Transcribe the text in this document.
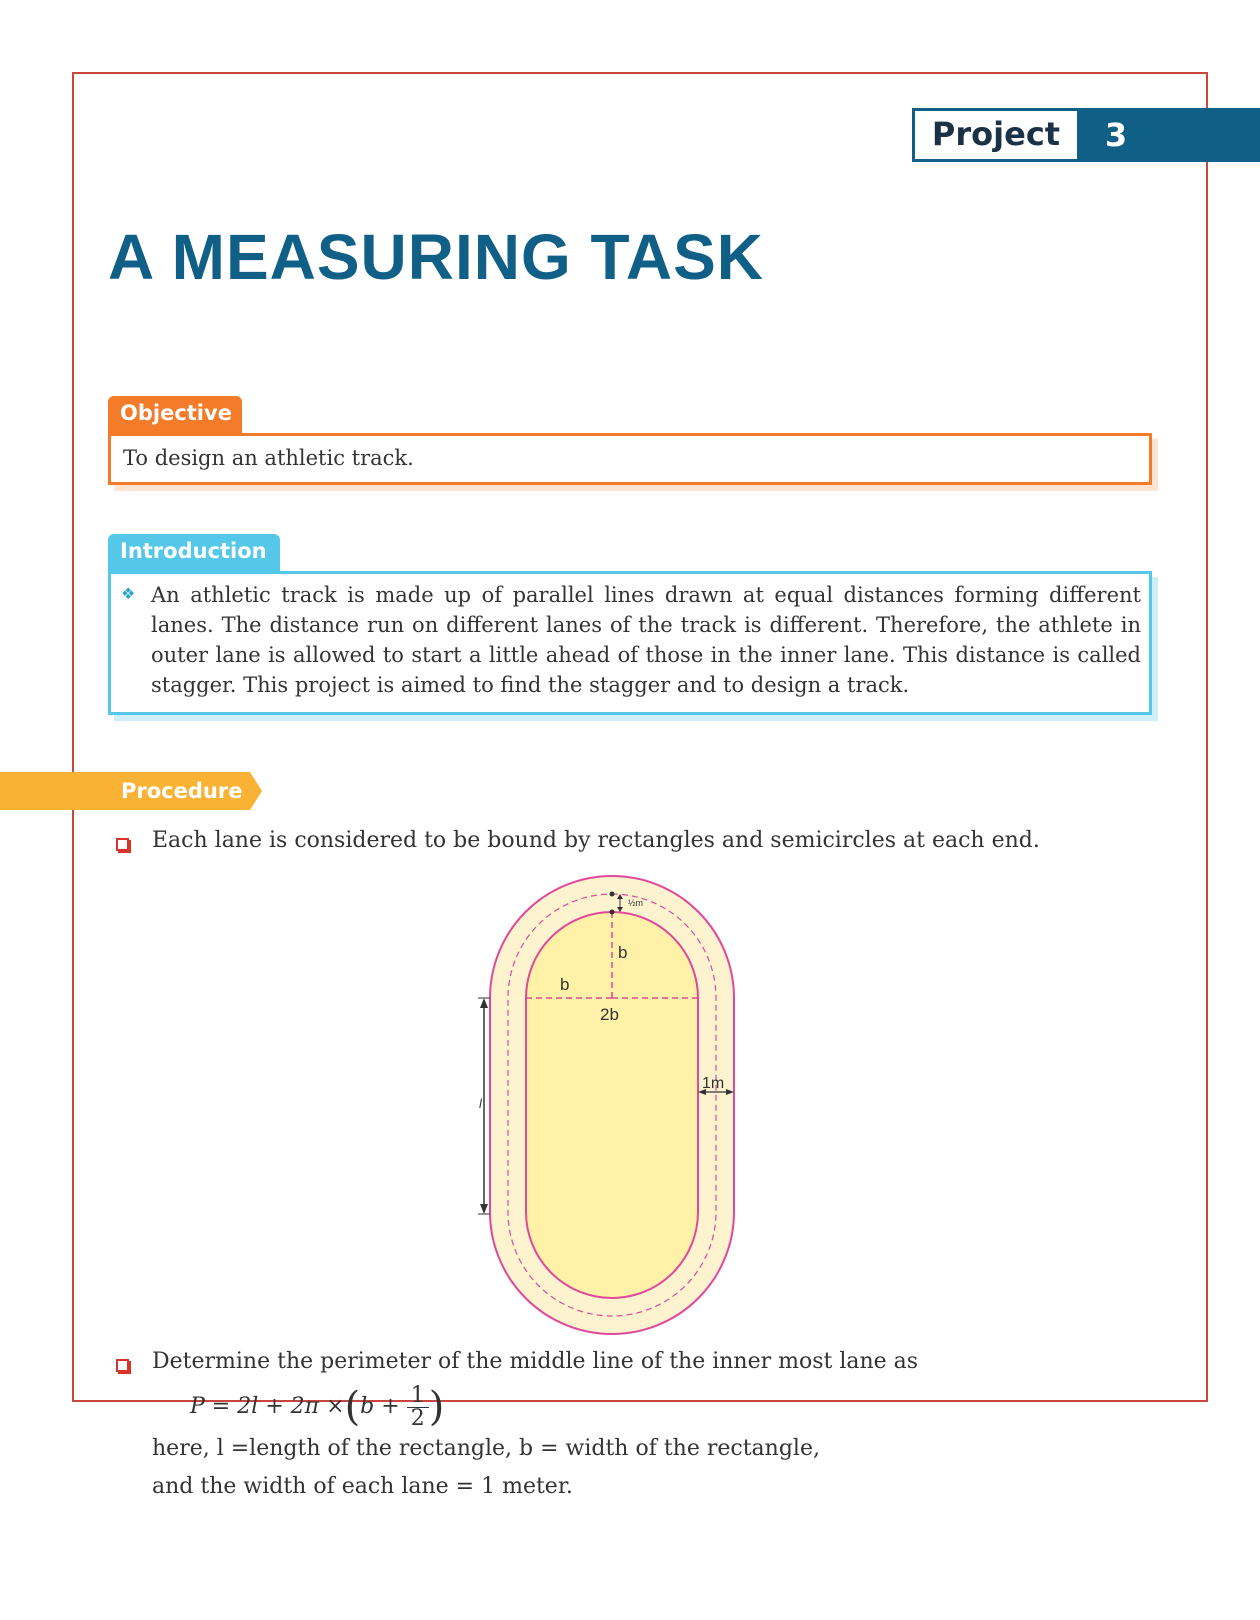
Project	3
A MEASURING TASK
Objective
To design an athletic track.
Introduction
❖ An athletic track is made up of parallel lines drawn at equal distances forming different lanes. The distance run on different lanes of the track is different. Therefore, the athlete in outer lane is allowed to start a little ahead of those in the inner lane. This distance is called stagger. This project is aimed to find the stagger and to design a track.

Procedure

Each lane is considered to be bound by rectangles and semicircles at each end.

½m
b
b
2b
l
1m

Determine the perimeter of the middle line of the inner most lane as

$P = 2l + 2\pi \times(b + \frac{1}{2}$ )

here, l =length of the rectangle, b = width of the rectangle,

and the width of each lane = 1 meter.
